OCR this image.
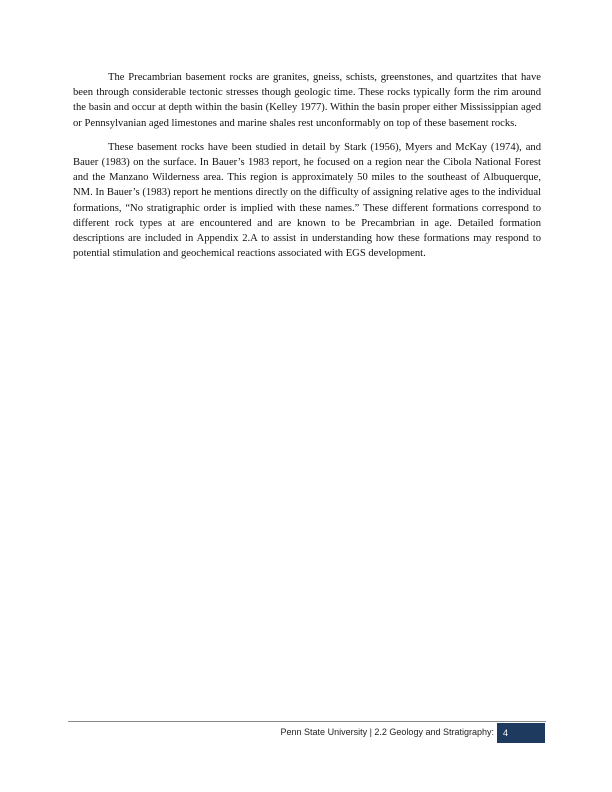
The Precambrian basement rocks are granites, gneiss, schists, greenstones, and quartzites that have been through considerable tectonic stresses though geologic time. These rocks typically form the rim around the basin and occur at depth within the basin (Kelley 1977). Within the basin proper either Mississippian aged or Pennsylvanian aged limestones and marine shales rest unconformably on top of these basement rocks.

These basement rocks have been studied in detail by Stark (1956), Myers and McKay (1974), and Bauer (1983) on the surface. In Bauer’s 1983 report, he focused on a region near the Cibola National Forest and the Manzano Wilderness area. This region is approximately 50 miles to the southeast of Albuquerque, NM. In Bauer’s (1983) report he mentions directly on the difficulty of assigning relative ages to the individual formations, “No stratigraphic order is implied with these names.” These different formations correspond to different rock types at are encountered and are known to be Precambrian in age. Detailed formation descriptions are included in Appendix 2.A to assist in understanding how these formations may respond to potential stimulation and geochemical reactions associated with EGS development.

Penn State University | 2.2 Geology and Stratigraphy:	4
